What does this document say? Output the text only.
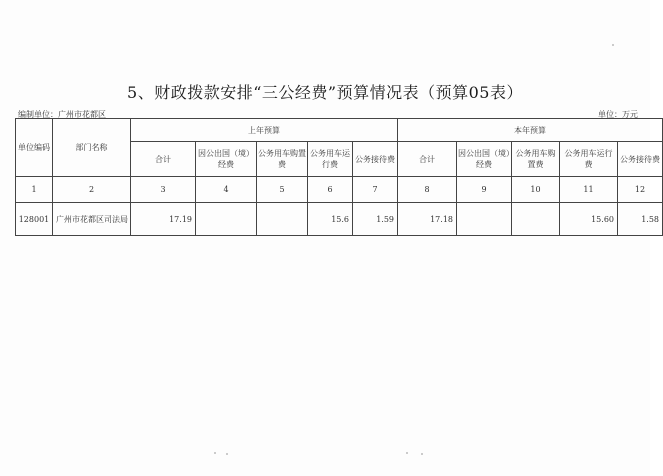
5、财政拨款安排“三公经费”预算情况表（预算05表）
编制单位：广州市花都区	单位：万元
单位编码	部门名称	上年预算					本年预算				
		合计	因公出国（境）经费	公务用车购置费	公务用车运行费	公务接待费	合计	因公出国（境）经费	公务用车购置费	公务用车运行费	公务接待费
1	2	3	4	5	6	7	8	9	10	11	12
128001	广州市花都区司法局	17.19			15.6	1.59	17.18			15.60	1.58
